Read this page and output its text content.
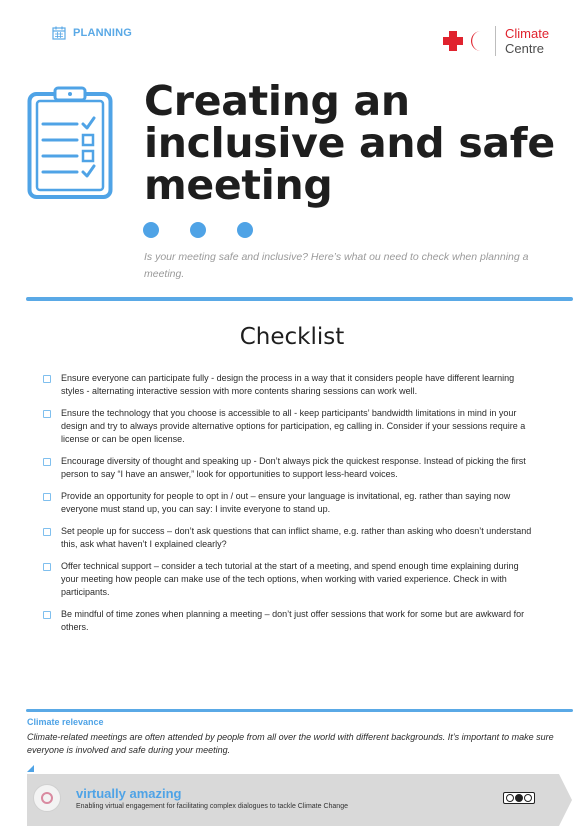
PLANNING	Climate
Centre
Creating an inclusive and safe meeting

Is your meeting safe and inclusive? Here’s what ou need to check when planning a meeting.

Checklist
Ensure everyone can participate fully - design the process in a way that it considers people have different learning styles - alternating interactive session with more contents sharing sessions can work well.
Ensure the technology that you choose is accessible to all - keep participants’ bandwidth limitations in mind in your design and try to always provide alternative options for participation, eg calling in. Consider if your sessions require a license or can be open license.
Encourage diversity of thought and speaking up - Don’t always pick the quickest response. Instead of picking the first person to say “I have an answer,” look for opportunities to support less-heard voices.
Provide an opportunity for people to opt in / out – ensure your language is invitational, eg. rather than saying now everyone must stand up, you can say: I invite everyone to stand up.
Set people up for success – don’t ask questions that can inflict shame, e.g. rather than asking who doesn’t understand this, ask what haven’t I explained clearly?
Offer technical support – consider a tech tutorial at the start of a meeting, and spend enough time explaining during your meeting how people can make use of the tech options, when working with varied experience. Check in with participants.
Be mindful of time zones when planning a meeting – don’t just offer sessions that work for some but are awkward for others.

Climate relevance

Climate-related meetings are often attended by people from all over the world with different backgrounds. It’s important to make sure everyone is involved and safe during your meeting.

virtually amazing

Enabling virtual engagement for facilitating complex dialogues to tackle Climate Change
